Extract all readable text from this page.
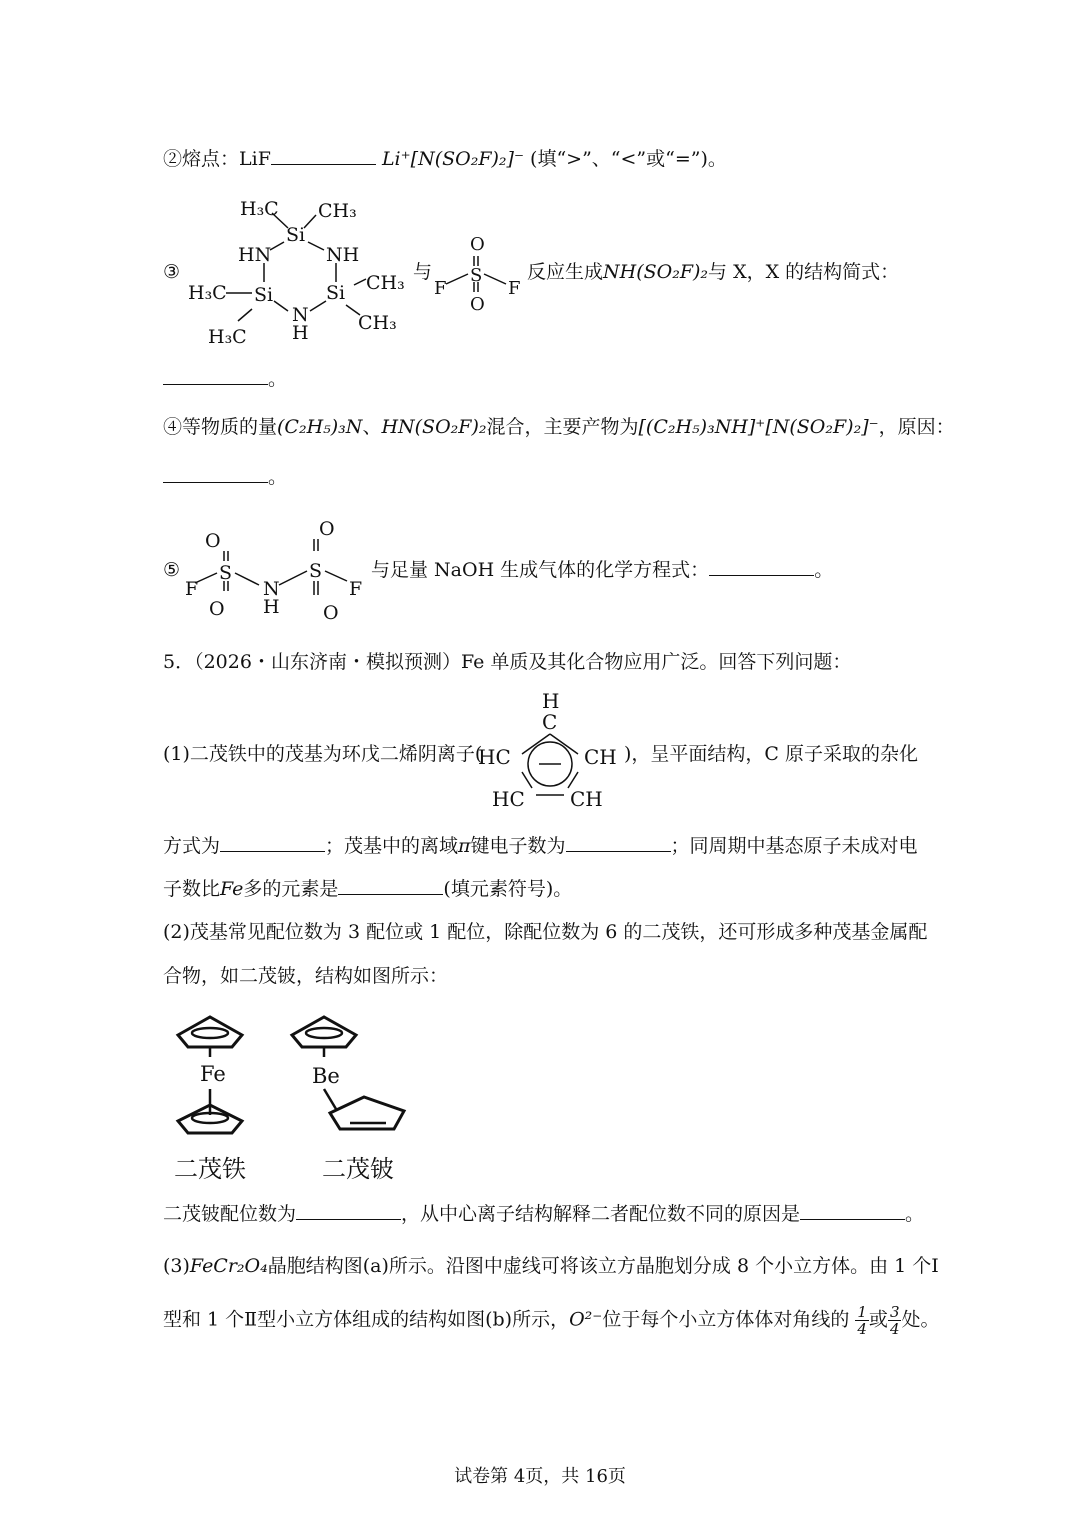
②熔点：LiF	Li⁺[N(SO₂F)₂]⁻ (填“>”、“<”或“=”)。
③
H₃C CH₃
Si
HN	NH
H₃C Si	Si CH₃
N
H
H₃C
CH₃
与
O
S
O
F	F
反应生成NH(SO₂F)₂与 X，X 的结构简式：
。
④等物质的量(C₂H₅)₃N、HN(SO₂F)₂混合，主要产物为[(C₂H₅)₃NH]⁺[N(SO₂F)₂]⁻，原因：
。
⑤
O
S
O
F	N
H
O
S
O
F
与足量 NaOH 生成气体的化学方程式：	。
5．（2026・山东济南・模拟预测）Fe 单质及其化合物应用广泛。回答下列问题：
(1)二茂铁中的茂基为环戊二烯阴离子(
H
C
HC	CH
HC CH
)，呈平面结构，C 原子采取的杂化
方式为	；茂基中的离域π键电子数为	；同周期中基态原子未成对电
子数比Fe多的元素是	(填元素符号)。
(2)茂基常见配位数为 3 配位或 1 配位，除配位数为 6 的二茂铁，还可形成多种茂基金属配
合物，如二茂铍，结构如图所示：
Fe	Be
二茂铁	二茂铍
二茂铍配位数为	，从中心离子结构解释二者配位数不同的原因是	。
(3)FeCr₂O₄晶胞结构图(a)所示。沿图中虚线可将该立方晶胞划分成 8 个小立方体。由 1 个Ⅰ
型和 1 个Ⅱ型小立方体组成的结构如图(b)所示，O²⁻位于每个小立方体体对角线的 $\frac{1}{4}$ 或 $\frac{3}{4}$ 处。
试卷第 4页，共 16页
